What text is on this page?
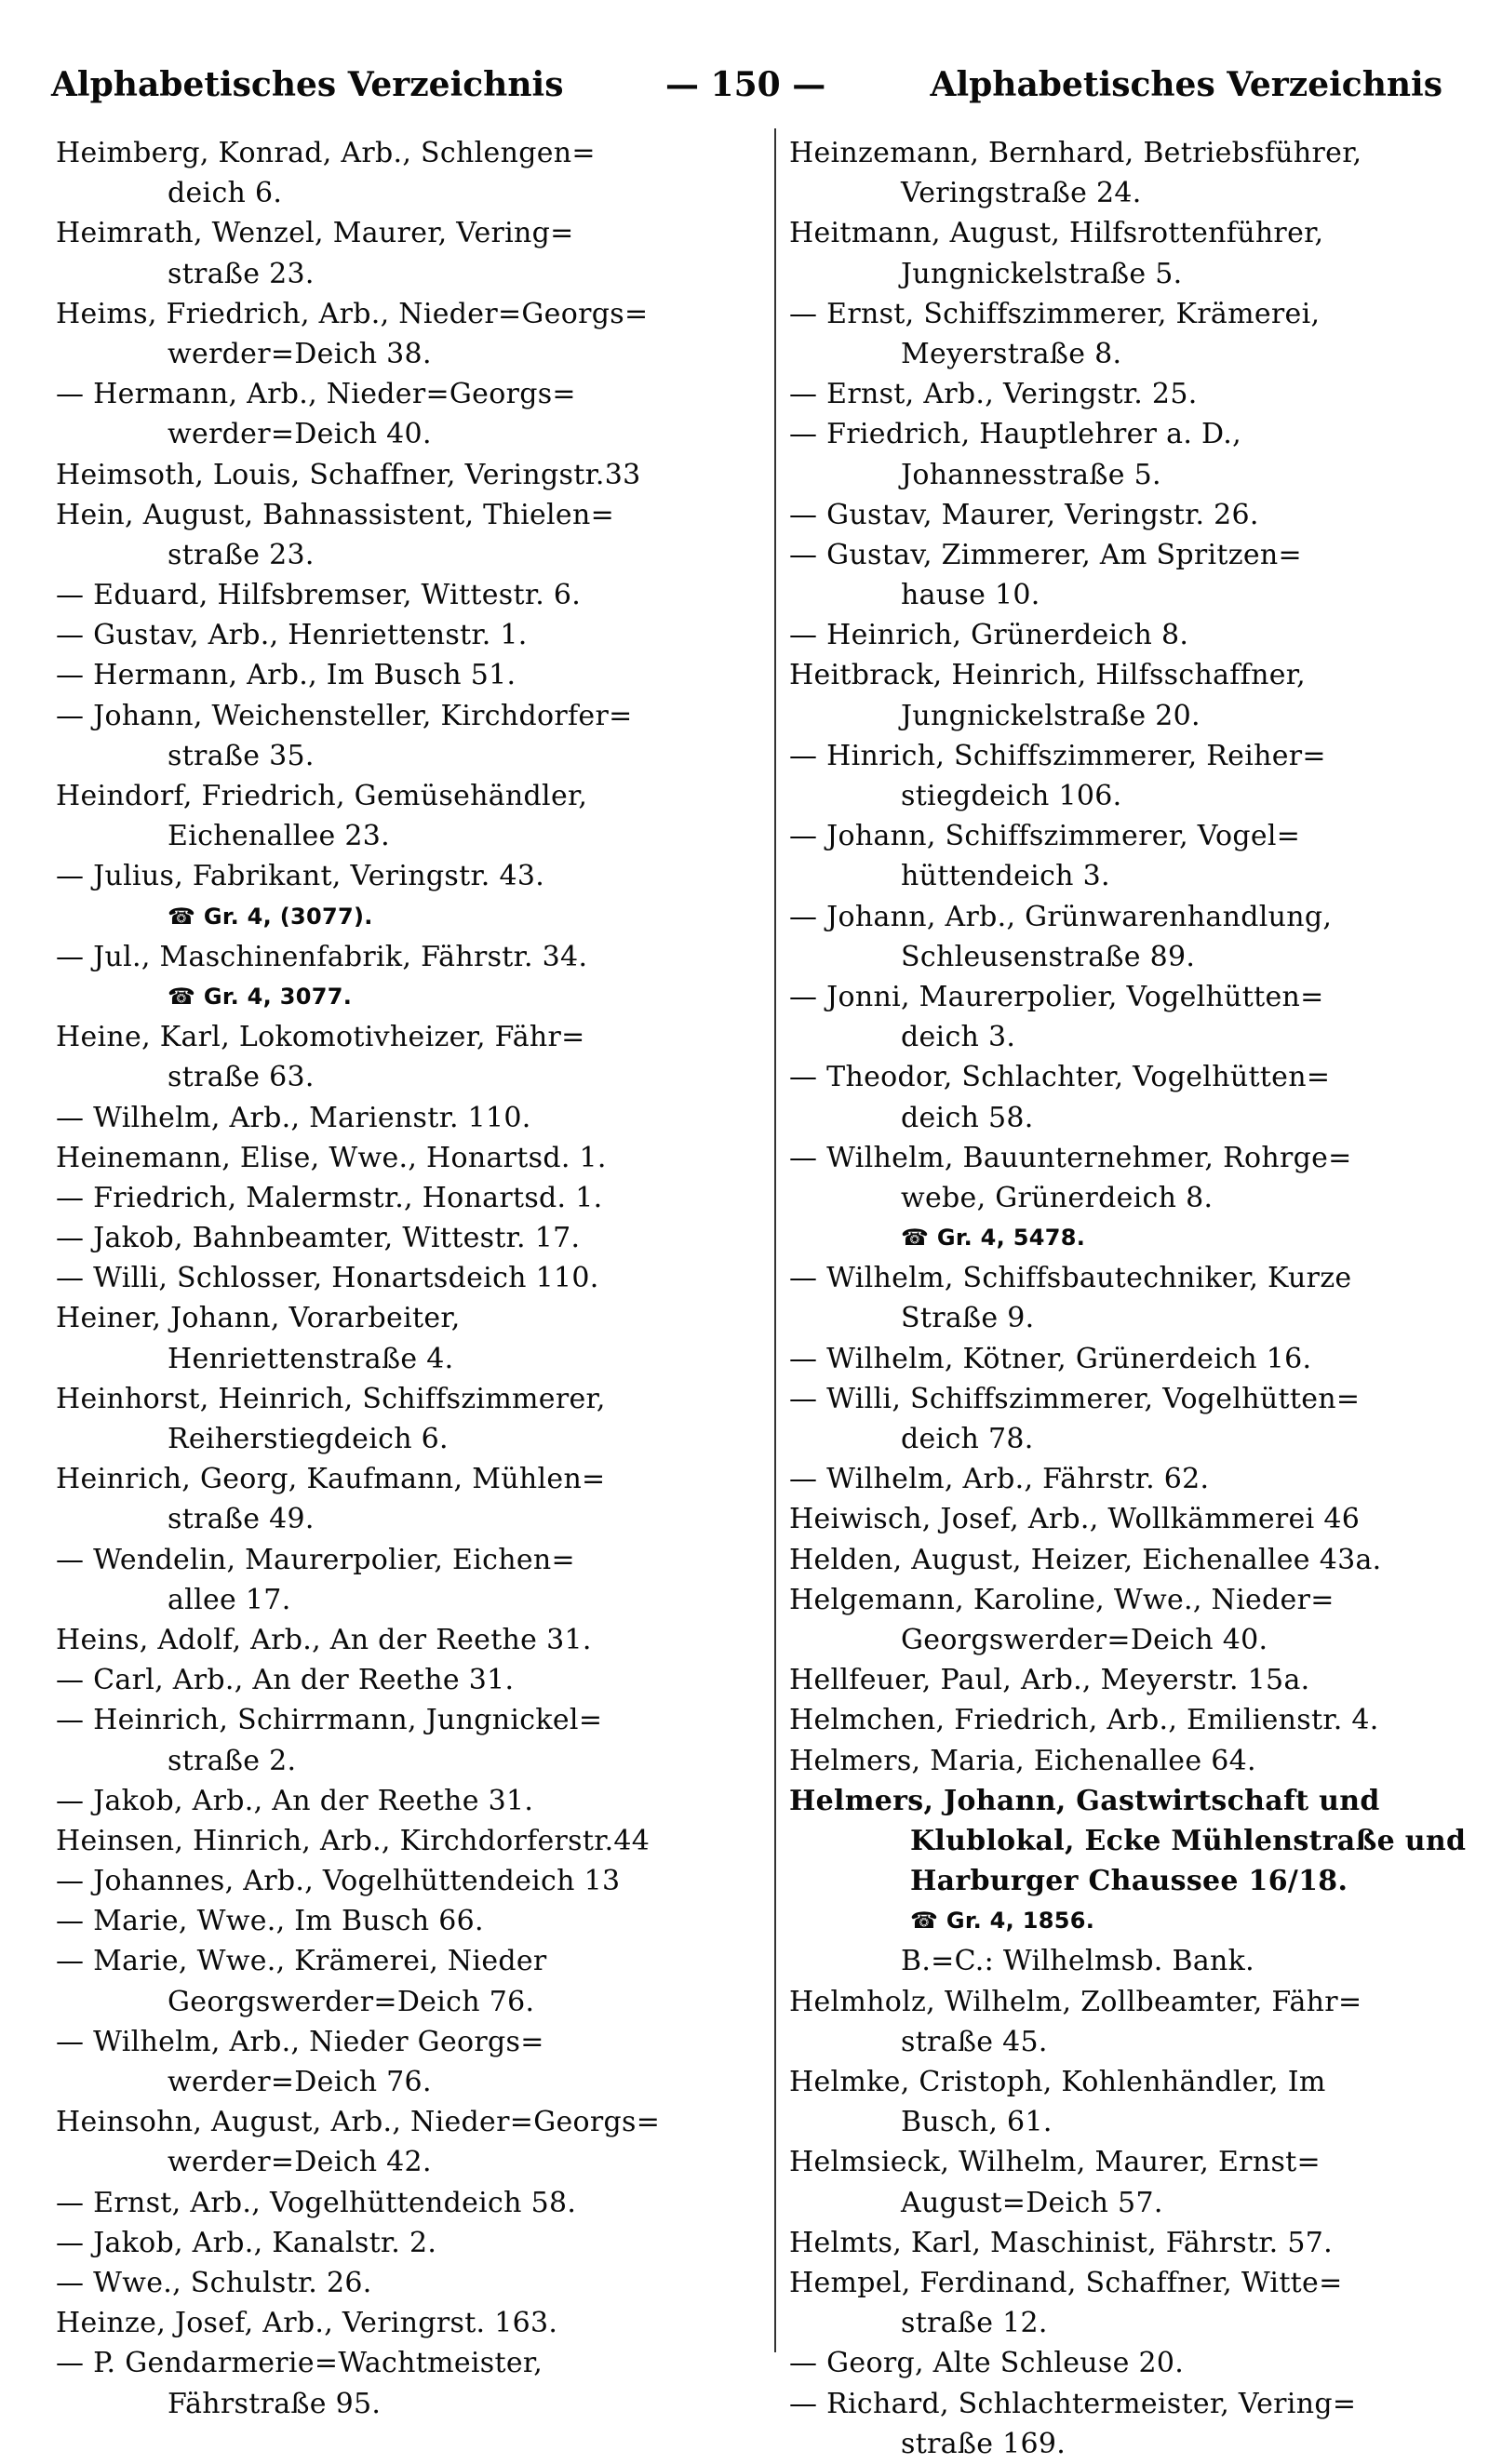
Alphabetisches Verzeichnis	— 150 —	Alphabetisches Verzeichnis
Heimberg, Konrad, Arb., Schlengen=
deich 6.
Heimrath, Wenzel, Maurer, Vering=
straße 23.
Heims, Friedrich, Arb., Nieder=Georgs=
werder=Deich 38.
— Hermann, Arb., Nieder=Georgs=
werder=Deich 40.
Heimsoth, Louis, Schaffner, Veringstr.33
Hein, August, Bahnassistent, Thielen=
straße 23.
— Eduard, Hilfsbremser, Wittestr. 6.
— Gustav, Arb., Henriettenstr. 1.
— Hermann, Arb., Im Busch 51.
— Johann, Weichensteller, Kirchdorfer=
straße 35.
Heindorf, Friedrich, Gemüsehändler,
Eichenallee 23.
— Julius, Fabrikant, Veringstr. 43.
☎ Gr. 4, (3077).
— Jul., Maschinenfabrik, Fährstr. 34.
☎ Gr. 4, 3077.
Heine, Karl, Lokomotivheizer, Fähr=
straße 63.
— Wilhelm, Arb., Marienstr. 110.
Heinemann, Elise, Wwe., Honartsd. 1.
— Friedrich, Malermstr., Honartsd. 1.
— Jakob, Bahnbeamter, Wittestr. 17.
— Willi, Schlosser, Honartsdeich 110.
Heiner, Johann, Vorarbeiter,
Henriettenstraße 4.
Heinhorst, Heinrich, Schiffszimmerer,
Reiherstiegdeich 6.
Heinrich, Georg, Kaufmann, Mühlen=
straße 49.
— Wendelin, Maurerpolier, Eichen=
allee 17.
Heins, Adolf, Arb., An der Reethe 31.
— Carl, Arb., An der Reethe 31.
— Heinrich, Schirrmann, Jungnickel=
straße 2.
— Jakob, Arb., An der Reethe 31.
Heinsen, Hinrich, Arb., Kirchdorferstr.44
— Johannes, Arb., Vogelhüttendeich 13
— Marie, Wwe., Im Busch 66.
— Marie, Wwe., Krämerei, Nieder
Georgswerder=Deich 76.
— Wilhelm, Arb., Nieder Georgs=
werder=Deich 76.
Heinsohn, August, Arb., Nieder=Georgs=
werder=Deich 42.
— Ernst, Arb., Vogelhüttendeich 58.
— Jakob, Arb., Kanalstr. 2.
— Wwe., Schulstr. 26.
Heinze, Josef, Arb., Veringrst. 163.
— P. Gendarmerie=Wachtmeister,
Fährstraße 95.
Heinzemann, Bernhard, Betriebsführer,
Veringstraße 24.
Heitmann, August, Hilfsrottenführer,
Jungnickelstraße 5.
— Ernst, Schiffszimmerer, Krämerei,
Meyerstraße 8.
— Ernst, Arb., Veringstr. 25.
— Friedrich, Hauptlehrer a. D.,
Johannesstraße 5.
— Gustav, Maurer, Veringstr. 26.
— Gustav, Zimmerer, Am Spritzen=
hause 10.
— Heinrich, Grünerdeich 8.
Heitbrack, Heinrich, Hilfsschaffner,
Jungnickelstraße 20.
— Hinrich, Schiffszimmerer, Reiher=
stiegdeich 106.
— Johann, Schiffszimmerer, Vogel=
hüttendeich 3.
— Johann, Arb., Grünwarenhandlung,
Schleusenstraße 89.
— Jonni, Maurerpolier, Vogelhütten=
deich 3.
— Theodor, Schlachter, Vogelhütten=
deich 58.
— Wilhelm, Bauunternehmer, Rohrge=
webe, Grünerdeich 8.
☎ Gr. 4, 5478.
— Wilhelm, Schiffsbautechniker, Kurze
Straße 9.
— Wilhelm, Kötner, Grünerdeich 16.
— Willi, Schiffszimmerer, Vogelhütten=
deich 78.
— Wilhelm, Arb., Fährstr. 62.
Heiwisch, Josef, Arb., Wollkämmerei 46
Helden, August, Heizer, Eichenallee 43a.
Helgemann, Karoline, Wwe., Nieder=
Georgswerder=Deich 40.
Hellfeuer, Paul, Arb., Meyerstr. 15a.
Helmchen, Friedrich, Arb., Emilienstr. 4.
Helmers, Maria, Eichenallee 64.
Helmers, Johann, Gastwirtschaft und
Klublokal, Ecke Mühlenstraße und
Harburger Chaussee 16/18.
☎ Gr. 4, 1856.
B.=C.: Wilhelmsb. Bank.
Helmholz, Wilhelm, Zollbeamter, Fähr=
straße 45.
Helmke, Cristoph, Kohlenhändler, Im
Busch, 61.
Helmsieck, Wilhelm, Maurer, Ernst=
August=Deich 57.
Helmts, Karl, Maschinist, Fährstr. 57.
Hempel, Ferdinand, Schaffner, Witte=
straße 12.
— Georg, Alte Schleuse 20.
— Richard, Schlachtermeister, Vering=
straße 169.
